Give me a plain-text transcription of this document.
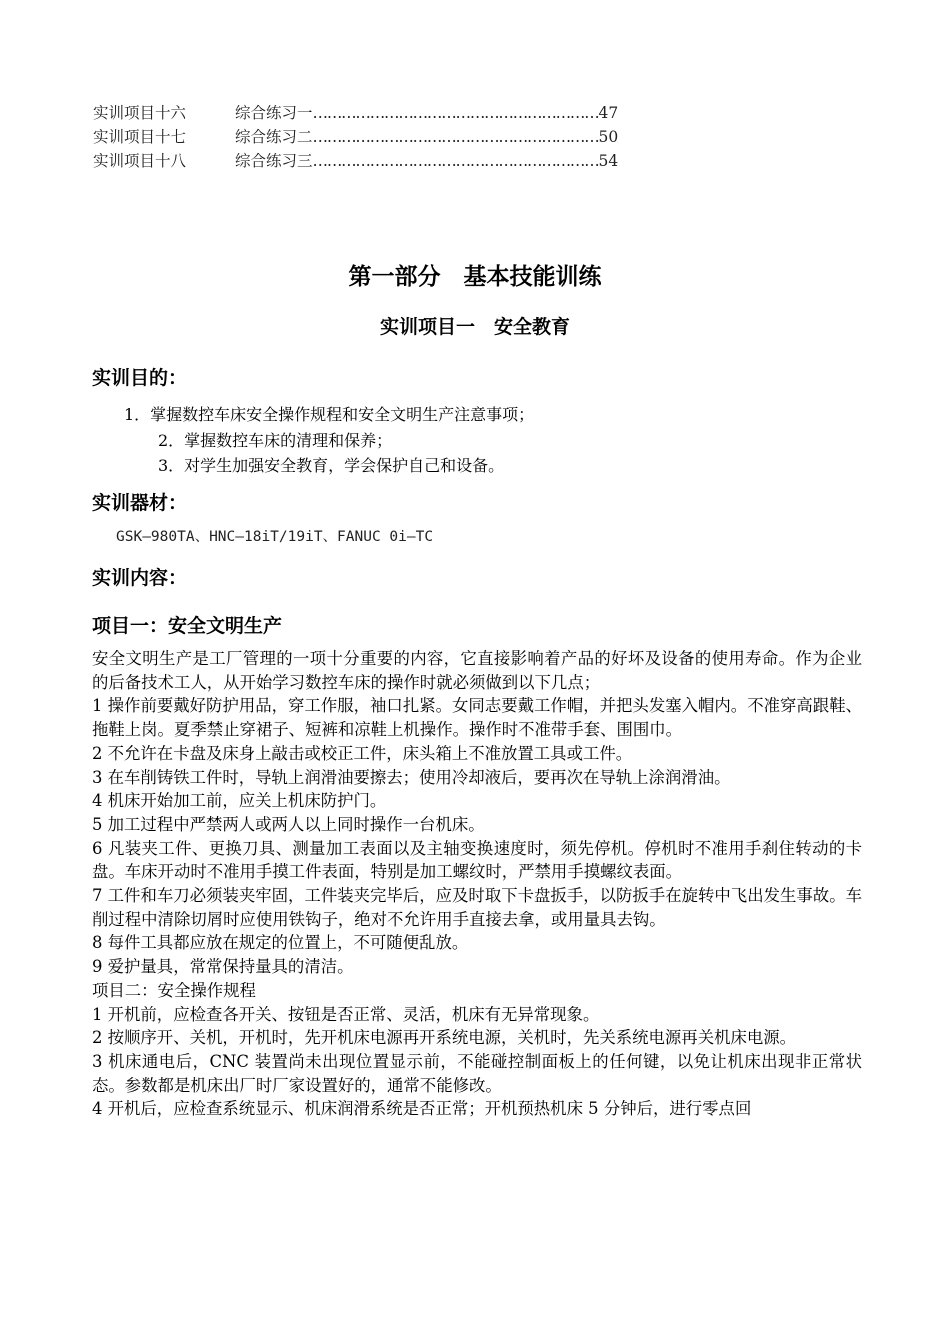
实训项目十六	综合练习一……………………………………………………47
实训项目十七	综合练习二……………………………………………………50
实训项目十八	综合练习三……………………………………………………54
第一部分　基本技能训练
实训项目一　安全教育
实训目的：
1．掌握数控车床安全操作规程和安全文明生产注意事项；
2．掌握数控车床的清理和保养；
3．对学生加强安全教育，学会保护自己和设备。
实训器材：
GSK—980TA、HNC—18iT/19iT、FANUC 0i—TC
实训内容：
项目一：安全文明生产

安全文明生产是工厂管理的一项十分重要的内容，它直接影响着产品的好坏及设备的使用寿命。作为企业的后备技术工人，从开始学习数控车床的操作时就必须做到以下几点；

1 操作前要戴好防护用品，穿工作服，袖口扎紧。女同志要戴工作帽，并把头发塞入帽内。不准穿高跟鞋、拖鞋上岗。夏季禁止穿裙子、短裤和凉鞋上机操作。操作时不准带手套、围围巾。

2 不允许在卡盘及床身上敲击或校正工件，床头箱上不准放置工具或工件。

3 在车削铸铁工件时，导轨上润滑油要擦去；使用冷却液后，要再次在导轨上涂润滑油。

4 机床开始加工前，应关上机床防护门。

5 加工过程中严禁两人或两人以上同时操作一台机床。

6 凡装夹工件、更换刀具、测量加工表面以及主轴变换速度时，须先停机。停机时不准用手刹住转动的卡盘。车床开动时不准用手摸工件表面，特别是加工螺纹时，严禁用手摸螺纹表面。

7 工件和车刀必须装夹牢固，工件装夹完毕后，应及时取下卡盘扳手，以防扳手在旋转中飞出发生事故。车削过程中清除切屑时应使用铁钩子，绝对不允许用手直接去拿，或用量具去钩。

8 每件工具都应放在规定的位置上，不可随便乱放。

9 爱护量具，常常保持量具的清洁。

项目二：安全操作规程

1 开机前，应检查各开关、按钮是否正常、灵活，机床有无异常现象。

2 按顺序开、关机，开机时，先开机床电源再开系统电源，关机时，先关系统电源再关机床电源。

3 机床通电后，CNC 装置尚未出现位置显示前，不能碰控制面板上的任何键，以免让机床出现非正常状态。参数都是机床出厂时厂家设置好的，通常不能修改。

4 开机后，应检查系统显示、机床润滑系统是否正常；开机预热机床 5 分钟后，进行零点回
